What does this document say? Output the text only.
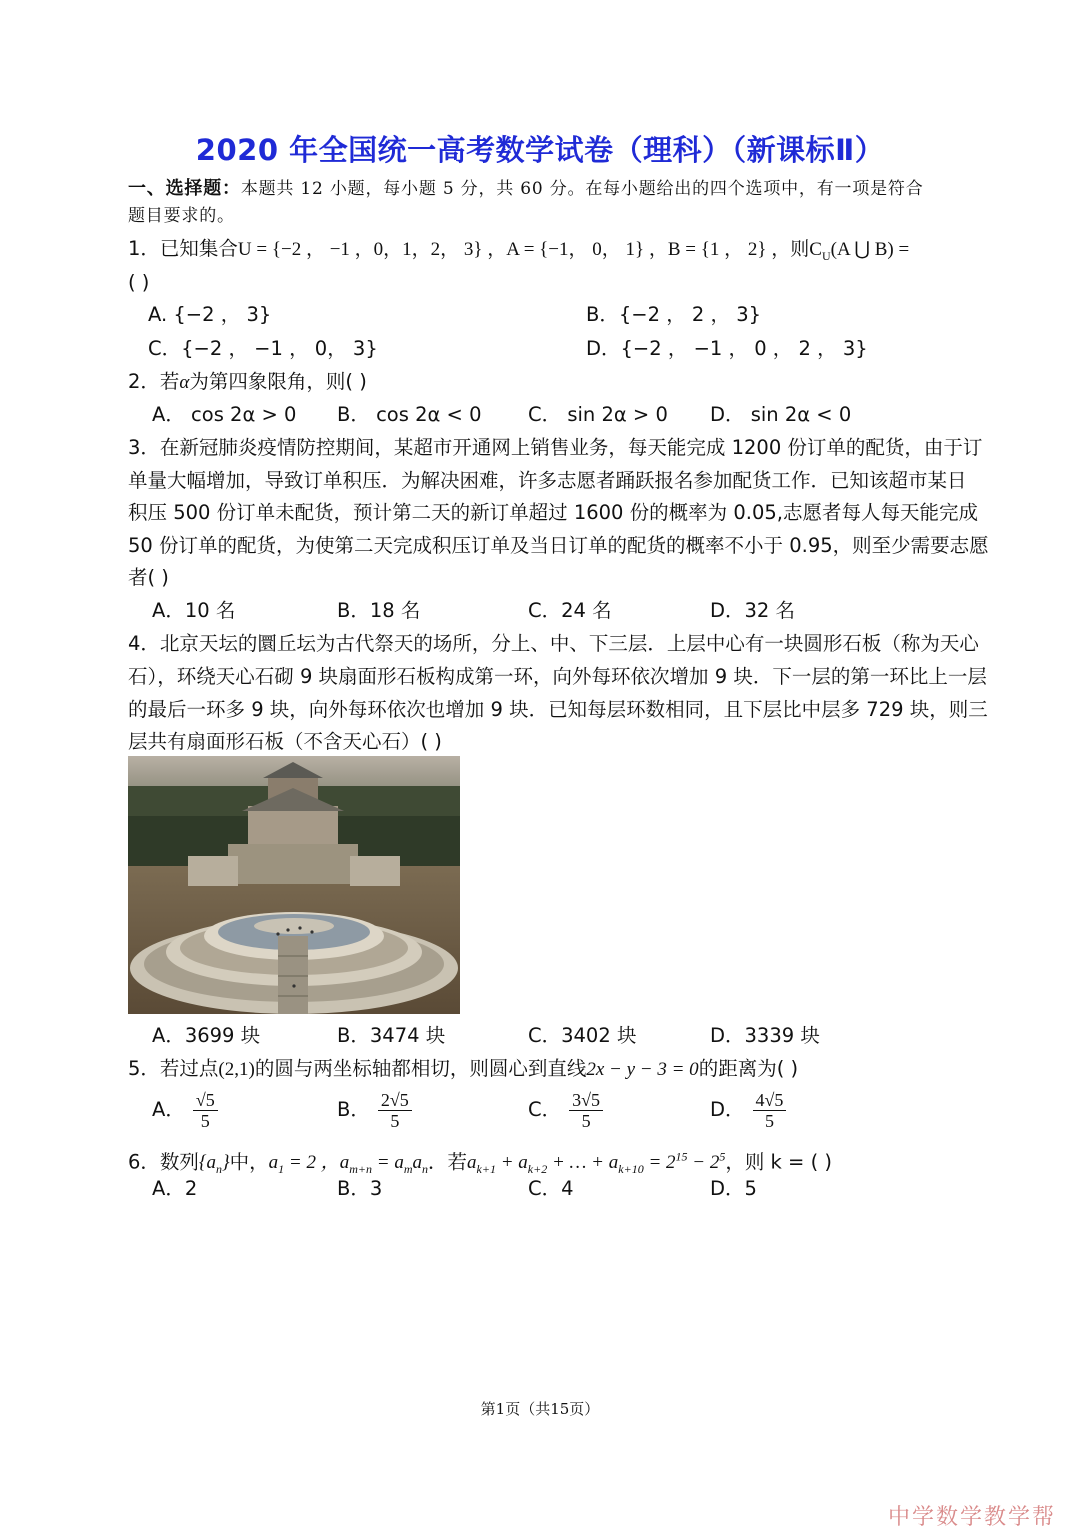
2020 年全国统一高考数学试卷（理科）（新课标Ⅱ）
一、选择题：本题共 12 小题，每小题 5 分，共 60 分。在每小题给出的四个选项中，有一项是符合
题目要求的。
1．已知集合U = {−2 ， −1 ，0，1，2， 3} ，A = {−1， 0， 1} ，B = {1 ， 2} ，则$C_U(A$ ⋃ B) =
( )
A. {−2 ， 3}	B．{−2 ， 2 ， 3}
C．{−2 ， −1 ， 0， 3}	D．{−2 ， −1 ， 0 ， 2 ， 3}
2．若α为第四象限角，则( )
A． cos 2α > 0 B． cos 2α < 0 C． sin 2α > 0 D． sin 2α < 0
3．在新冠肺炎疫情防控期间，某超市开通网上销售业务，每天能完成 1200 份订单的配货，由于订
单量大幅增加，导致订单积压．为解决困难，许多志愿者踊跃报名参加配货工作．已知该超市某日
积压 500 份订单未配货，预计第二天的新订单超过 1600 份的概率为 0.05,志愿者每人每天能完成
50 份订单的配货，为使第二天完成积压订单及当日订单的配货的概率不小于 0.95，则至少需要志愿
者( )
A．10 名	B．18 名	C．24 名	D．32 名
4．北京天坛的圜丘坛为古代祭天的场所，分上、中、下三层．上层中心有一块圆形石板（称为天心
石），环绕天心石砌 9 块扇面形石板构成第一环，向外每环依次增加 9 块．下一层的第一环比上一层
的最后一环多 9 块，向外每环依次也增加 9 块．已知每层环数相同，且下层比中层多 729 块，则三
层共有扇面形石板（不含天心石）( )
A．3699 块	B．3474 块	C．3402 块	D．3339 块
5．若过点(2,1)的圆与两坐标轴都相切，则圆心到直线2x − y − 3 = 0的距离为( )
A． $\frac{√5}{5}$	B． $\frac{2√5}{5}$	C． $\frac{3√5}{5}$	D． $\frac{4√5}{5}$
6．数列$\{a_n\}$中，$a_1 = 2$ ，$a_{m+n} = a_ma_n$．若$a_{k+1} + a_{k+2}$ + … + $a_{k+10} = 2^{15} - 2^5$，则 k = ( )
A．2	B．3	C．4	D．5
第1页（共15页）
中学数学教学帮
